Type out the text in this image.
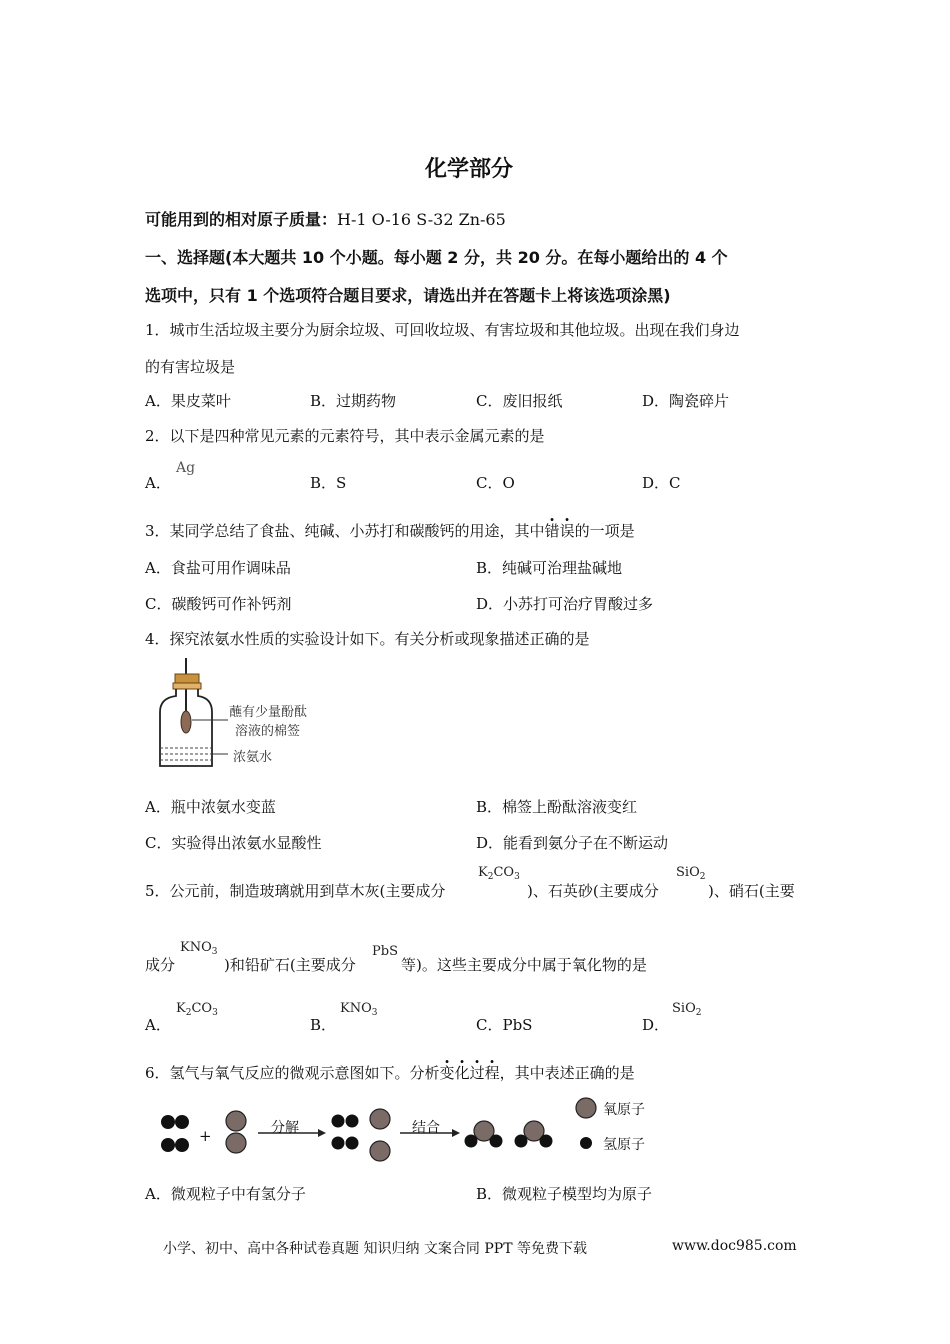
化学部分
可能用到的相对原子质量：H-1 O-16 S-32 Zn-65
一、选择题(本大题共 10 个小题。每小题 2 分，共 20 分。在每小题给出的 4 个
选项中，只有 1 个选项符合题目要求，请选出并在答题卡上将该选项涂黑)
1．城市生活垃圾主要分为厨余垃圾、可回收垃圾、有害垃圾和其他垃圾。出现在我们身边
的有害垃圾是
A．果皮菜叶	B．过期药物	C．废旧报纸	D．陶瓷碎片
2．以下是四种常见元素的元素符号，其中表示金属元素的是
A．
Ag
B．S	C．O	D．C
3．某同学总结了食盐、纯碱、小苏打和碳酸钙的用途，其中错误的一项是
A．食盐可用作调味品	B．纯碱可治理盐碱地
C．碳酸钙可作补钙剂	D．小苏打可治疗胃酸过多
4．探究浓氨水性质的实验设计如下。有关分析或现象描述正确的是
蘸有少量酚酞
溶液的棉签
浓氨水
A．瓶中浓氨水变蓝	B．棉签上酚酞溶液变红
C．实验得出浓氨水显酸性	D．能看到氨分子在不断运动
5．公元前，制造玻璃就用到草木灰(主要成分
$K_2CO_3$
)、石英砂(主要成分
SiO$_2$
)、硝石(主要
成分
$KNO_3$
)和铅矿石(主要成分
PbS
等)。这些主要成分中属于氧化物的是
A．
$K_2CO_3$
B．
$KNO_3$
C．PbS	D．
SiO$_2$
6．氢气与氧气反应的微观示意图如下。分析变化过程，其中表述正确的是
+	分解	结合
氧原子
氢原子
A．微观粒子中有氢分子	B．微观粒子模型均为原子
小学、初中、高中各种试卷真题 知识归纳 文案合同 PPT 等免费下载	www.doc985.com
